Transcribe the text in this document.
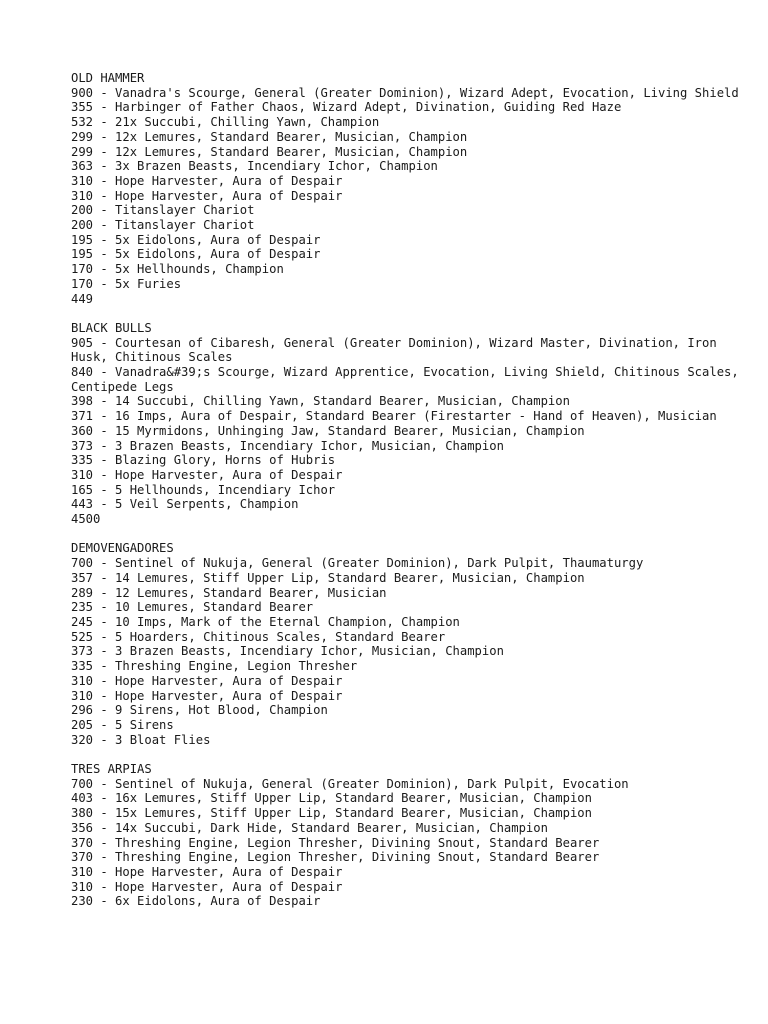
OLD HAMMER
900 - Vanadra's Scourge, General (Greater Dominion), Wizard Adept, Evocation, Living Shield
355 - Harbinger of Father Chaos, Wizard Adept, Divination, Guiding Red Haze
532 - 21x Succubi, Chilling Yawn, Champion
299 - 12x Lemures, Standard Bearer, Musician, Champion
299 - 12x Lemures, Standard Bearer, Musician, Champion
363 - 3x Brazen Beasts, Incendiary Ichor, Champion
310 - Hope Harvester, Aura of Despair
310 - Hope Harvester, Aura of Despair
200 - Titanslayer Chariot
200 - Titanslayer Chariot
195 - 5x Eidolons, Aura of Despair
195 - 5x Eidolons, Aura of Despair
170 - 5x Hellhounds, Champion
170 - 5x Furies
449
BLACK BULLS
905 - Courtesan of Cibaresh, General (Greater Dominion), Wizard Master, Divination, Iron Husk, Chitinous Scales
840 - Vanadra&#39;s Scourge, Wizard Apprentice, Evocation, Living Shield, Chitinous Scales, Centipede Legs
398 - 14 Succubi, Chilling Yawn, Standard Bearer, Musician, Champion
371 - 16 Imps, Aura of Despair, Standard Bearer (Firestarter - Hand of Heaven), Musician
360 - 15 Myrmidons, Unhinging Jaw, Standard Bearer, Musician, Champion
373 - 3 Brazen Beasts, Incendiary Ichor, Musician, Champion
335 - Blazing Glory, Horns of Hubris
310 - Hope Harvester, Aura of Despair
165 - 5 Hellhounds, Incendiary Ichor
443 - 5 Veil Serpents, Champion
4500
DEMOVENGADORES
700 - Sentinel of Nukuja, General (Greater Dominion), Dark Pulpit, Thaumaturgy
357 - 14 Lemures, Stiff Upper Lip, Standard Bearer, Musician, Champion
289 - 12 Lemures, Standard Bearer, Musician
235 - 10 Lemures, Standard Bearer
245 - 10 Imps, Mark of the Eternal Champion, Champion
525 - 5 Hoarders, Chitinous Scales, Standard Bearer
373 - 3 Brazen Beasts, Incendiary Ichor, Musician, Champion
335 - Threshing Engine, Legion Thresher
310 - Hope Harvester, Aura of Despair
310 - Hope Harvester, Aura of Despair
296 - 9 Sirens, Hot Blood, Champion
205 - 5 Sirens
320 - 3 Bloat Flies
TRES ARPIAS
700 - Sentinel of Nukuja, General (Greater Dominion), Dark Pulpit, Evocation
403 - 16x Lemures, Stiff Upper Lip, Standard Bearer, Musician, Champion
380 - 15x Lemures, Stiff Upper Lip, Standard Bearer, Musician, Champion
356 - 14x Succubi, Dark Hide, Standard Bearer, Musician, Champion
370 - Threshing Engine, Legion Thresher, Divining Snout, Standard Bearer
370 - Threshing Engine, Legion Thresher, Divining Snout, Standard Bearer
310 - Hope Harvester, Aura of Despair
310 - Hope Harvester, Aura of Despair
230 - 6x Eidolons, Aura of Despair
